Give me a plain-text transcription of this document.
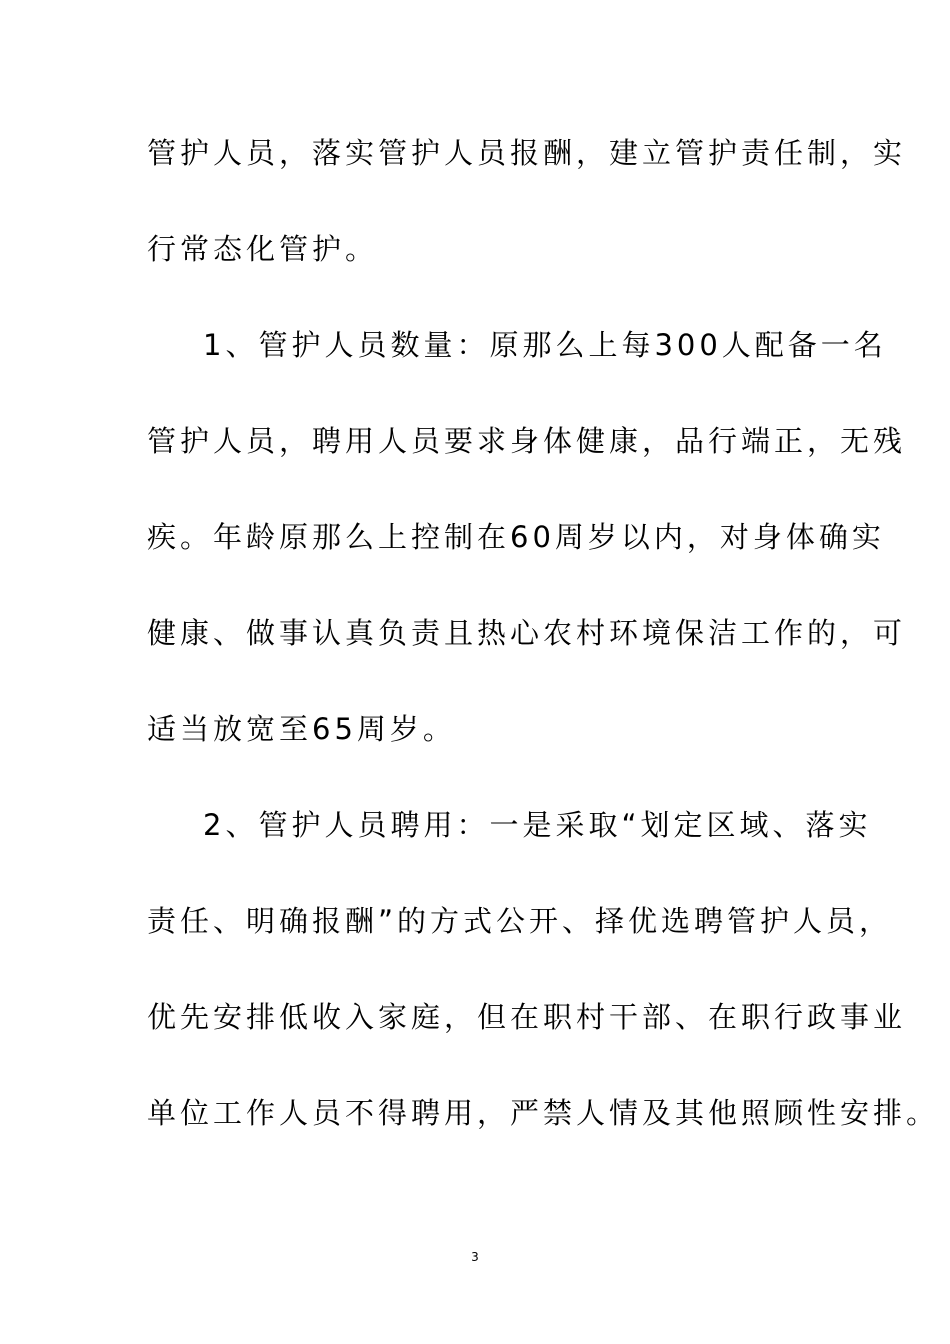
管护人员，落实管护人员报酬，建立管护责任制，实
行常态化管护。
1、管护人员数量：原那么上每300人配备一名
管护人员，聘用人员要求身体健康，品行端正，无残
疾。年龄原那么上控制在60周岁以内，对身体确实
健康、做事认真负责且热心农村环境保洁工作的，可
适当放宽至65周岁。
2、管护人员聘用：一是采取“划定区域、落实
责任、明确报酬”的方式公开、择优选聘管护人员，
优先安排低收入家庭，但在职村干部、在职行政事业
单位工作人员不得聘用，严禁人情及其他照顾性安排。
3
